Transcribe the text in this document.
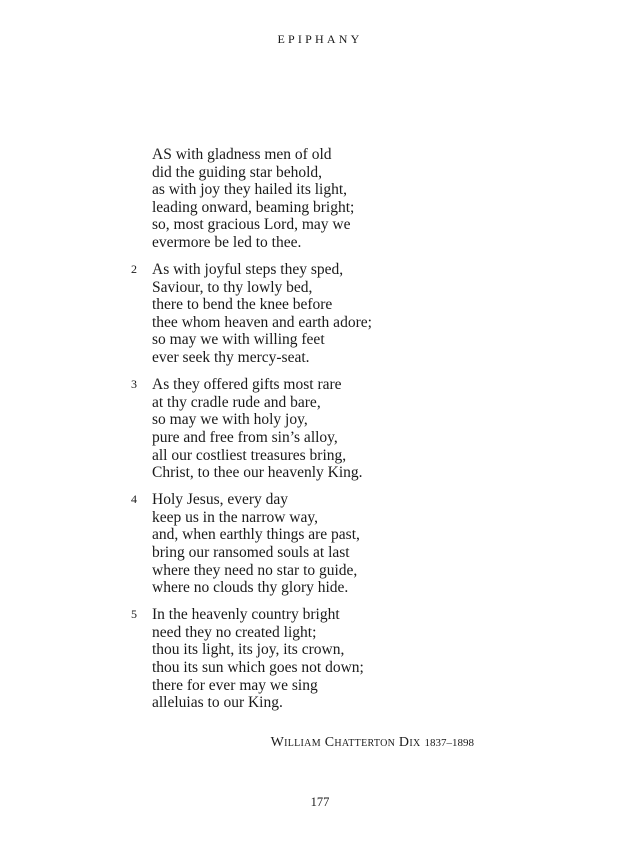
EPIPHANY
AS with gladness men of old
did the guiding star behold,
as with joy they hailed its light,
leading onward, beaming bright;
so, most gracious Lord, may we
evermore be led to thee.
2 As with joyful steps they sped,
Saviour, to thy lowly bed,
there to bend the knee before
thee whom heaven and earth adore;
so may we with willing feet
ever seek thy mercy-seat.
3 As they offered gifts most rare
at thy cradle rude and bare,
so may we with holy joy,
pure and free from sin’s alloy,
all our costliest treasures bring,
Christ, to thee our heavenly King.
4 Holy Jesus, every day
keep us in the narrow way,
and, when earthly things are past,
bring our ransomed souls at last
where they need no star to guide,
where no clouds thy glory hide.
5 In the heavenly country bright
need they no created light;
thou its light, its joy, its crown,
thou its sun which goes not down;
there for ever may we sing
alleluias to our King.
William Chatterton Dix 1837–1898
177
